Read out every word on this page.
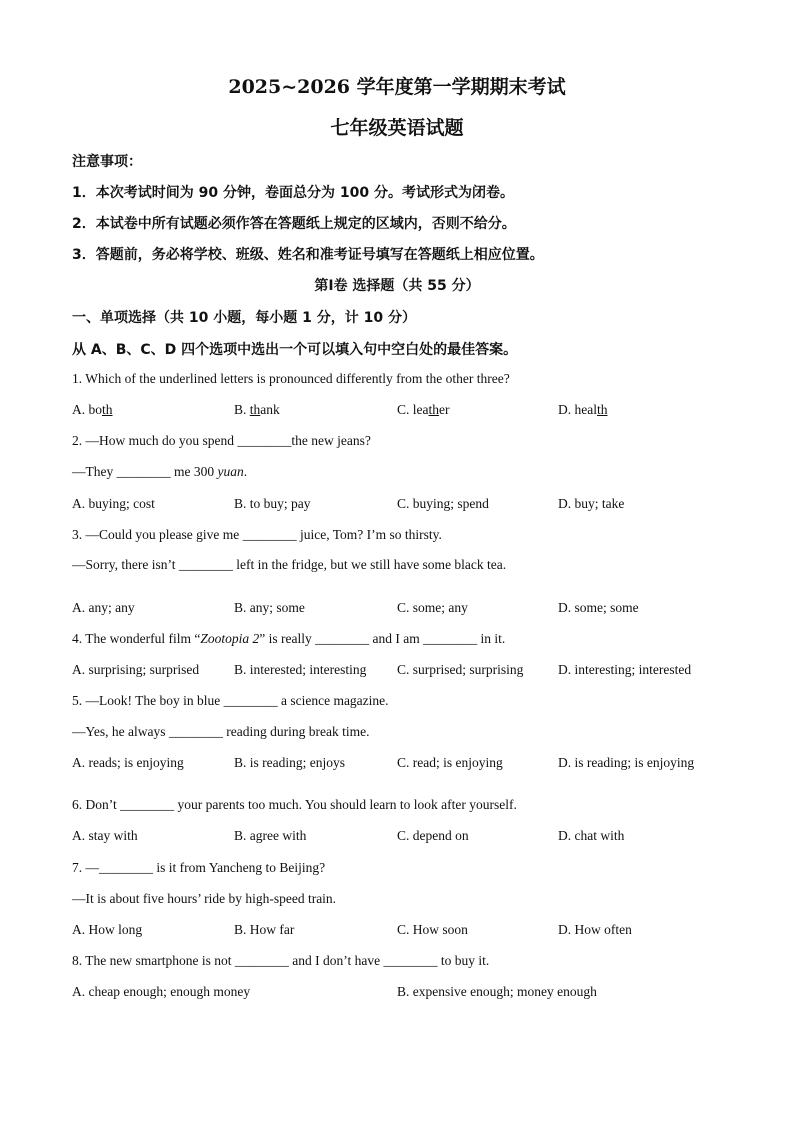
2025~2026 学年度第一学期期末考试
七年级英语试题
注意事项：
1．本次考试时间为 90 分钟，卷面总分为 100 分。考试形式为闭卷。
2．本试卷中所有试题必须作答在答题纸上规定的区域内，否则不给分。
3．答题前，务必将学校、班级、姓名和准考证号填写在答题纸上相应位置。
第Ⅰ卷 选择题（共 55 分）
一、单项选择（共 10 小题，每小题 1 分，计 10 分）
从 A、B、C、D 四个选项中选出一个可以填入句中空白处的最佳答案。
1. Which of the underlined letters is pronounced differently from the other three?
A. both	B. thank	C. leather	D. health
2. —How much do you spend ________the new jeans?
—They ________ me 300 yuan.
A. buying; cost	B. to buy; pay	C. buying; spend	D. buy; take
3. —Could you please give me ________ juice, Tom? I’m so thirsty.
—Sorry, there isn’t ________ left in the fridge, but we still have some black tea.
A. any; any	B. any; some	C. some; any	D. some; some
4. The wonderful film “Zootopia 2” is really ________ and I am ________ in it.
A. surprising; surprised	B. interested; interesting C. surprised; surprising	D. interesting; interested
5. —Look! The boy in blue ________ a science magazine.
—Yes, he always ________ reading during break time.
A. reads; is enjoying	B. is reading; enjoys	C. read; is enjoying	D. is reading; is enjoying
6. Don’t ________ your parents too much. You should learn to look after yourself.
A. stay with	B. agree with	C. depend on	D. chat with
7. —________ is it from Yancheng to Beijing?
—It is about five hours’ ride by high-speed train.
A. How long	B. How far	C. How soon	D. How often
8. The new smartphone is not ________ and I don’t have ________ to buy it.
A. cheap enough; enough money	B. expensive enough; money enough
